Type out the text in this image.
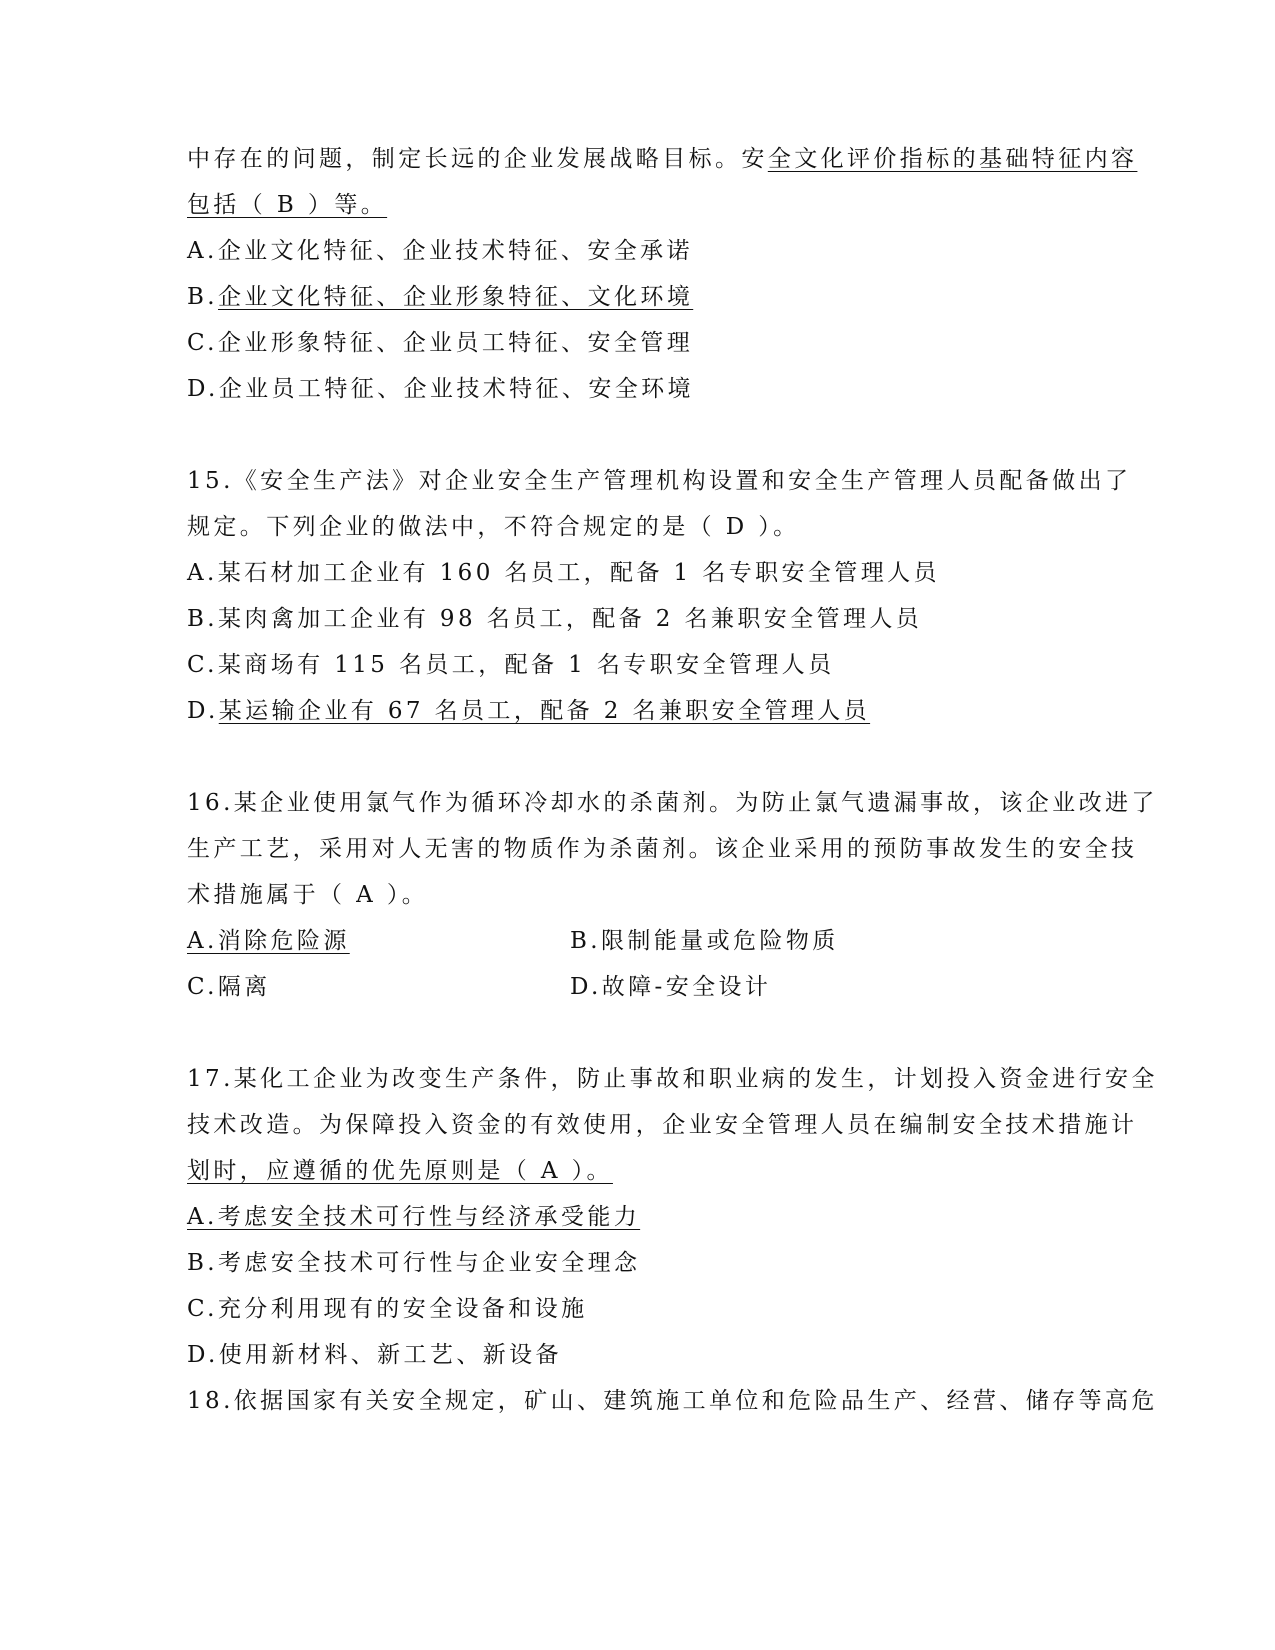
中存在的问题，制定长远的企业发展战略目标。安全文化评价指标的基础特征内容
包括（ B ）等。
A.企业文化特征、企业技术特征、安全承诺
B.企业文化特征、企业形象特征、文化环境
C.企业形象特征、企业员工特征、安全管理
D.企业员工特征、企业技术特征、安全环境
15.《安全生产法》对企业安全生产管理机构设置和安全生产管理人员配备做出了
规定。下列企业的做法中，不符合规定的是（ D ）。
A.某石材加工企业有 160 名员工，配备 1 名专职安全管理人员
B.某肉禽加工企业有 98 名员工，配备 2 名兼职安全管理人员
C.某商场有 115 名员工，配备 1 名专职安全管理人员
D.某运输企业有 67 名员工，配备 2 名兼职安全管理人员
16.某企业使用氯气作为循环冷却水的杀菌剂。为防止氯气遗漏事故，该企业改进了
生产工艺，采用对人无害的物质作为杀菌剂。该企业采用的预防事故发生的安全技
术措施属于（ A ）。
A.消除危险源	B.限制能量或危险物质
C.隔离	D.故障-安全设计
17.某化工企业为改变生产条件，防止事故和职业病的发生，计划投入资金进行安全
技术改造。为保障投入资金的有效使用，企业安全管理人员在编制安全技术措施计
划时，应遵循的优先原则是（ A ）。
A.考虑安全技术可行性与经济承受能力
B.考虑安全技术可行性与企业安全理念
C.充分利用现有的安全设备和设施
D.使用新材料、新工艺、新设备
18.依据国家有关安全规定，矿山、建筑施工单位和危险品生产、经营、储存等高危
